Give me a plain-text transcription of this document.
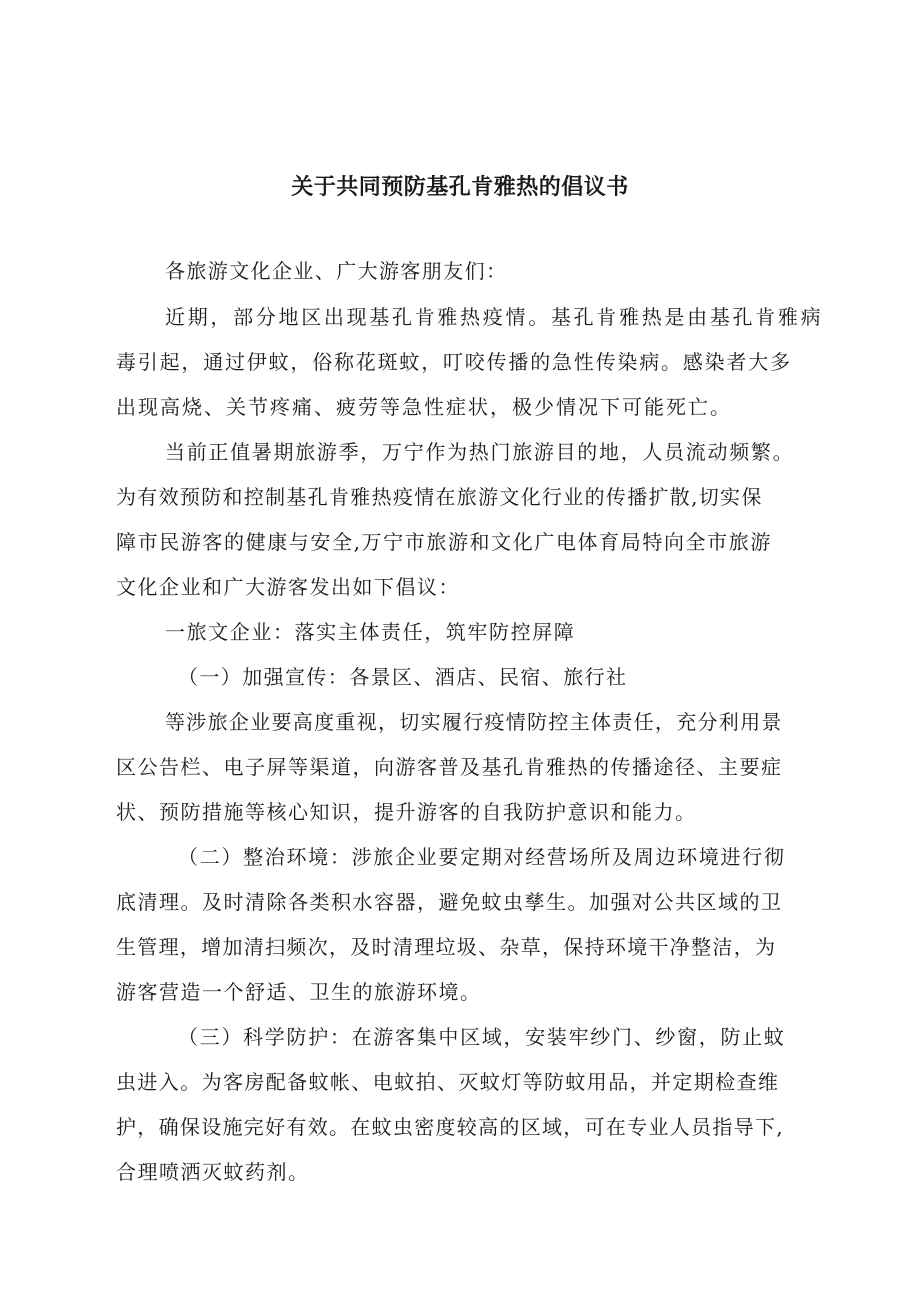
关于共同预防基孔肯雅热的倡议书
各旅游文化企业、广大游客朋友们：
近期，部分地区出现基孔肯雅热疫情。基孔肯雅热是由基孔肯雅病
毒引起，通过伊蚊，俗称花斑蚊，叮咬传播的急性传染病。感染者大多
出现高烧、关节疼痛、疲劳等急性症状，极少情况下可能死亡。
当前正值暑期旅游季，万宁作为热门旅游目的地，人员流动频繁。
为有效预防和控制基孔肯雅热疫情在旅游文化行业的传播扩散,切实保
障市民游客的健康与安全,万宁市旅游和文化广电体育局特向全市旅游
文化企业和广大游客发出如下倡议：
一旅文企业：落实主体责任，筑牢防控屏障
（一）加强宣传：各景区、酒店、民宿、旅行社
等涉旅企业要高度重视，切实履行疫情防控主体责任，充分利用景
区公告栏、电子屏等渠道，向游客普及基孔肯雅热的传播途径、主要症
状、预防措施等核心知识，提升游客的自我防护意识和能力。
（二）整治环境：涉旅企业要定期对经营场所及周边环境进行彻
底清理。及时清除各类积水容器，避免蚊虫孳生。加强对公共区域的卫
生管理，增加清扫频次，及时清理垃圾、杂草，保持环境干净整洁，为
游客营造一个舒适、卫生的旅游环境。
（三）科学防护：在游客集中区域，安装牢纱门、纱窗，防止蚊
虫进入。为客房配备蚊帐、电蚊拍、灭蚊灯等防蚊用品，并定期检查维
护，确保设施完好有效。在蚊虫密度较高的区域，可在专业人员指导下,
合理喷洒灭蚊药剂。
